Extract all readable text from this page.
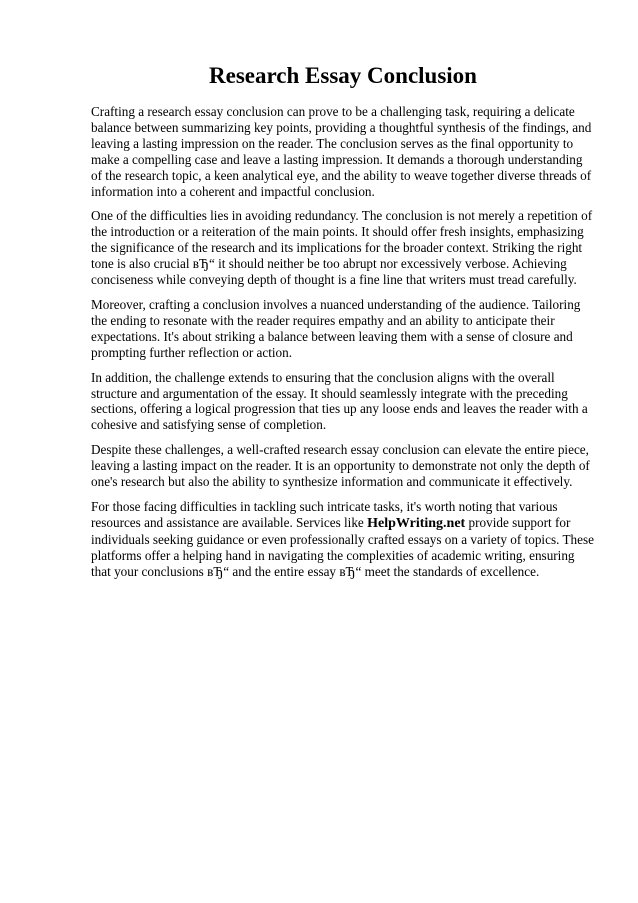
Research Essay Conclusion

Crafting a research essay conclusion can prove to be a challenging task, requiring a delicate balance between summarizing key points, providing a thoughtful synthesis of the findings, and leaving a lasting impression on the reader. The conclusion serves as the final opportunity to make a compelling case and leave a lasting impression. It demands a thorough understanding of the research topic, a keen analytical eye, and the ability to weave together diverse threads of information into a coherent and impactful conclusion.

One of the difficulties lies in avoiding redundancy. The conclusion is not merely a repetition of the introduction or a reiteration of the main points. It should offer fresh insights, emphasizing the significance of the research and its implications for the broader context. Striking the right tone is also crucial вЂ“ it should neither be too abrupt nor excessively verbose. Achieving conciseness while conveying depth of thought is a fine line that writers must tread carefully.

Moreover, crafting a conclusion involves a nuanced understanding of the audience. Tailoring the ending to resonate with the reader requires empathy and an ability to anticipate their expectations. It's about striking a balance between leaving them with a sense of closure and prompting further reflection or action.

In addition, the challenge extends to ensuring that the conclusion aligns with the overall structure and argumentation of the essay. It should seamlessly integrate with the preceding sections, offering a logical progression that ties up any loose ends and leaves the reader with a cohesive and satisfying sense of completion.

Despite these challenges, a well-crafted research essay conclusion can elevate the entire piece, leaving a lasting impact on the reader. It is an opportunity to demonstrate not only the depth of one's research but also the ability to synthesize information and communicate it effectively.

For those facing difficulties in tackling such intricate tasks, it's worth noting that various resources and assistance are available. Services like HelpWriting.net provide support for individuals seeking guidance or even professionally crafted essays on a variety of topics. These platforms offer a helping hand in navigating the complexities of academic writing, ensuring that your conclusions вЂ“ and the entire essay вЂ“ meet the standards of excellence.
